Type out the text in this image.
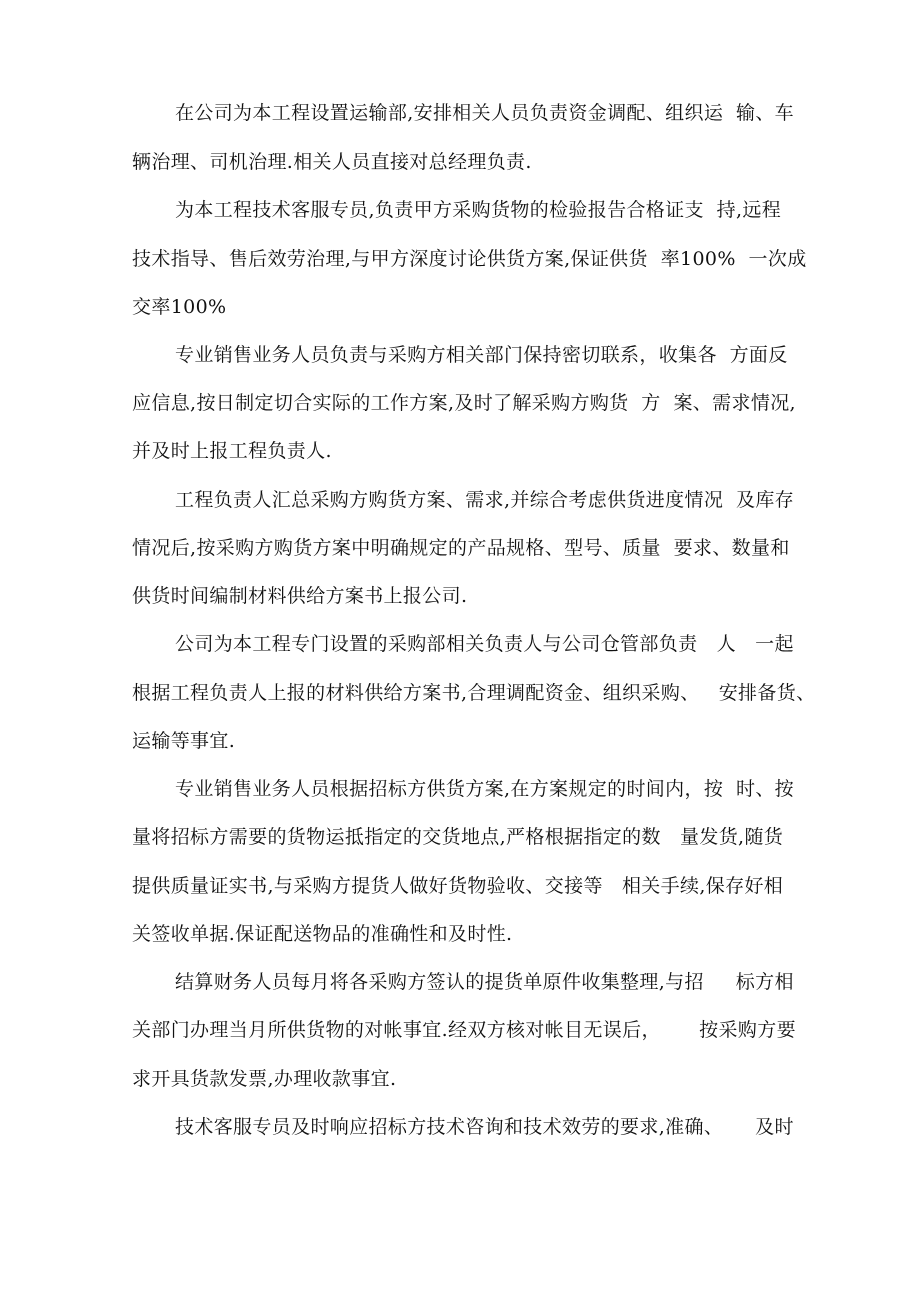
在公司为本工程设置运输部,安排相关人员负责资金调配、组织运  输、车
辆治理、司机治理.相关人员直接对总经理负责.
为本工程技术客服专员,负责甲方采购货物的检验报告合格证支  持,远程
技术指导、售后效劳治理,与甲方深度讨论供货方案,保证供货  率100%  一次成
交率100%
专业销售业务人员负责与采购方相关部门保持密切联系，收集各  方面反
应信息,按日制定切合实际的工作方案,及时了解采购方购货  方  案、需求情况,
并及时上报工程负责人.
工程负责人汇总采购方购货方案、需求,并综合考虑供货进度情况  及库存
情况后,按采购方购货方案中明确规定的产品规格、型号、质量  要求、数量和
供货时间编制材料供给方案书上报公司.
公司为本工程专门设置的采购部相关负责人与公司仓管部负责   人   一起
根据工程负责人上报的材料供给方案书,合理调配资金、组织采购、   安排备货、
运输等事宜.
专业销售业务人员根据招标方供货方案,在方案规定的时间内，按  时、按
量将招标方需要的货物运抵指定的交货地点,严格根据指定的数   量发货,随货
提供质量证实书,与采购方提货人做好货物验收、交接等   相关手续,保存好相
关签收单据.保证配送物品的准确性和及时性.
结算财务人员每月将各采购方签认的提货单原件收集整理,与招     标方相
关部门办理当月所供货物的对帐事宜.经双方核对帐目无误后，      按采购方要
求开具货款发票,办理收款事宜.
技术客服专员及时响应招标方技术咨询和技术效劳的要求,准确、     及时
